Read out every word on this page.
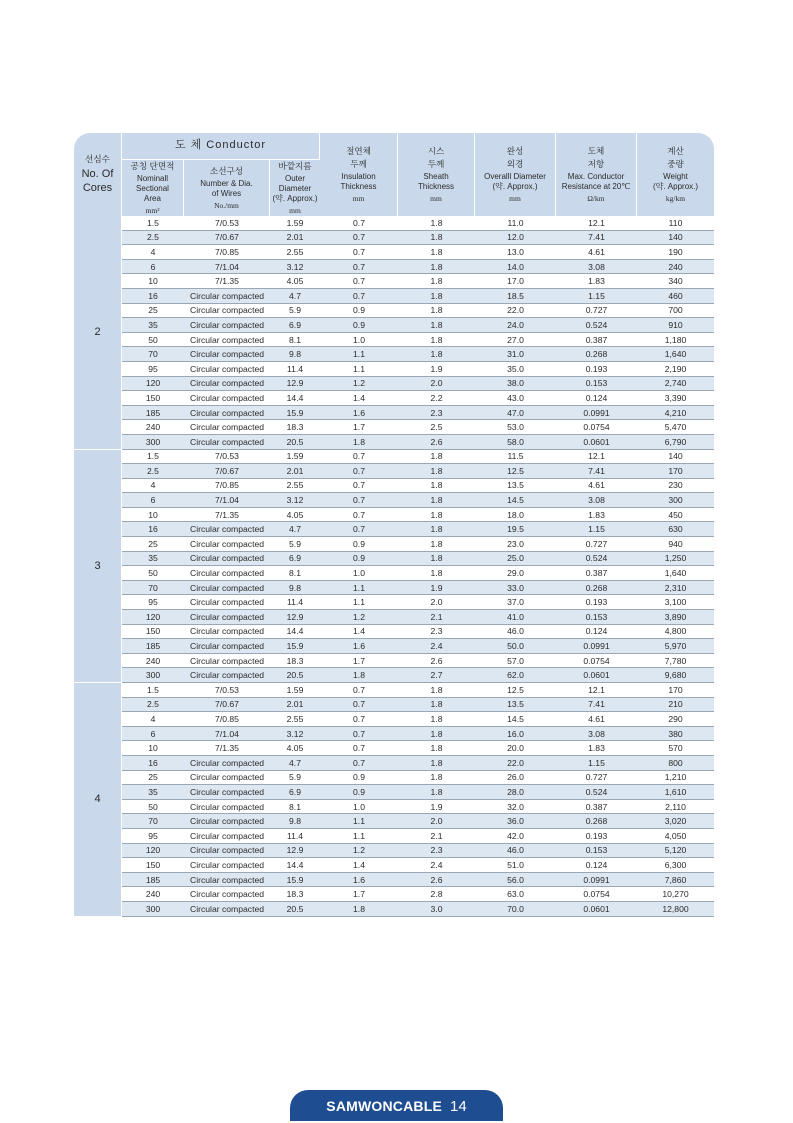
선심수
No. Of
Cores	도 체 Conductor			절연체
두께
Insulation
Thickness
mm	시스
두께
Sheath
Thickness
mm	완성
외경
Overalll Diameter
(약. Approx.)
mm	도체
저항
Max. Conductor
Resistance at 20℃
Ω/km	계산
중량
Weight
(약. Approx.)
kg/km

	공칭 단면적
Nominall
Sectional
Area
mm²	소선구성
Number & Dia.
of Wires
No./mm	바깥지름
Outer
Diameter
(약. Approx.)
mm					

2	1.5	7/0.53	1.59	0.7	1.8	11.0	12.1	110
	2.5	7/0.67	2.01	0.7	1.8	12.0	7.41	140
	4	7/0.85	2.55	0.7	1.8	13.0	4.61	190
	6	7/1.04	3.12	0.7	1.8	14.0	3.08	240
	10	7/1.35	4.05	0.7	1.8	17.0	1.83	340
	16	Circular compacted	4.7	0.7	1.8	18.5	1.15	460
	25	Circular compacted	5.9	0.9	1.8	22.0	0.727	700
	35	Circular compacted	6.9	0.9	1.8	24.0	0.524	910
	50	Circular compacted	8.1	1.0	1.8	27.0	0.387	1,180
	70	Circular compacted	9.8	1.1	1.8	31.0	0.268	1,640
	95	Circular compacted	11.4	1.1	1.9	35.0	0.193	2,190
	120	Circular compacted	12.9	1.2	2.0	38.0	0.153	2,740
	150	Circular compacted	14.4	1.4	2.2	43.0	0.124	3,390
	185	Circular compacted	15.9	1.6	2.3	47.0	0.0991	4,210
	240	Circular compacted	18.3	1.7	2.5	53.0	0.0754	5,470
	300	Circular compacted	20.5	1.8	2.6	58.0	0.0601	6,790
3	1.5	7/0.53	1.59	0.7	1.8	11.5	12.1	140
	2.5	7/0.67	2.01	0.7	1.8	12.5	7.41	170
	4	7/0.85	2.55	0.7	1.8	13.5	4.61	230
	6	7/1.04	3.12	0.7	1.8	14.5	3.08	300
	10	7/1.35	4.05	0.7	1.8	18.0	1.83	450
	16	Circular compacted	4.7	0.7	1.8	19.5	1.15	630
	25	Circular compacted	5.9	0.9	1.8	23.0	0.727	940
	35	Circular compacted	6.9	0.9	1.8	25.0	0.524	1,250
	50	Circular compacted	8.1	1.0	1.8	29.0	0.387	1,640
	70	Circular compacted	9.8	1.1	1.9	33.0	0.268	2,310
	95	Circular compacted	11.4	1.1	2.0	37.0	0.193	3,100
	120	Circular compacted	12.9	1.2	2.1	41.0	0.153	3,890
	150	Circular compacted	14.4	1.4	2.3	46.0	0.124	4,800
	185	Circular compacted	15.9	1.6	2.4	50.0	0.0991	5,970
	240	Circular compacted	18.3	1.7	2.6	57.0	0.0754	7,780
	300	Circular compacted	20.5	1.8	2.7	62.0	0.0601	9,680
4	1.5	7/0.53	1.59	0.7	1.8	12.5	12.1	170
	2.5	7/0.67	2.01	0.7	1.8	13.5	7.41	210
	4	7/0.85	2.55	0.7	1.8	14.5	4.61	290
	6	7/1.04	3.12	0.7	1.8	16.0	3.08	380
	10	7/1.35	4.05	0.7	1.8	20.0	1.83	570
	16	Circular compacted	4.7	0.7	1.8	22.0	1.15	800
	25	Circular compacted	5.9	0.9	1.8	26.0	0.727	1,210
	35	Circular compacted	6.9	0.9	1.8	28.0	0.524	1,610
	50	Circular compacted	8.1	1.0	1.9	32.0	0.387	2,110
	70	Circular compacted	9.8	1.1	2.0	36.0	0.268	3,020
	95	Circular compacted	11.4	1.1	2.1	42.0	0.193	4,050
	120	Circular compacted	12.9	1.2	2.3	46.0	0.153	5,120
	150	Circular compacted	14.4	1.4	2.4	51.0	0.124	6,300
	185	Circular compacted	15.9	1.6	2.6	56.0	0.0991	7,860
	240	Circular compacted	18.3	1.7	2.8	63.0	0.0754	10,270
	300	Circular compacted	20.5	1.8	3.0	70.0	0.0601	12,800
SAMWONCABLE 14
